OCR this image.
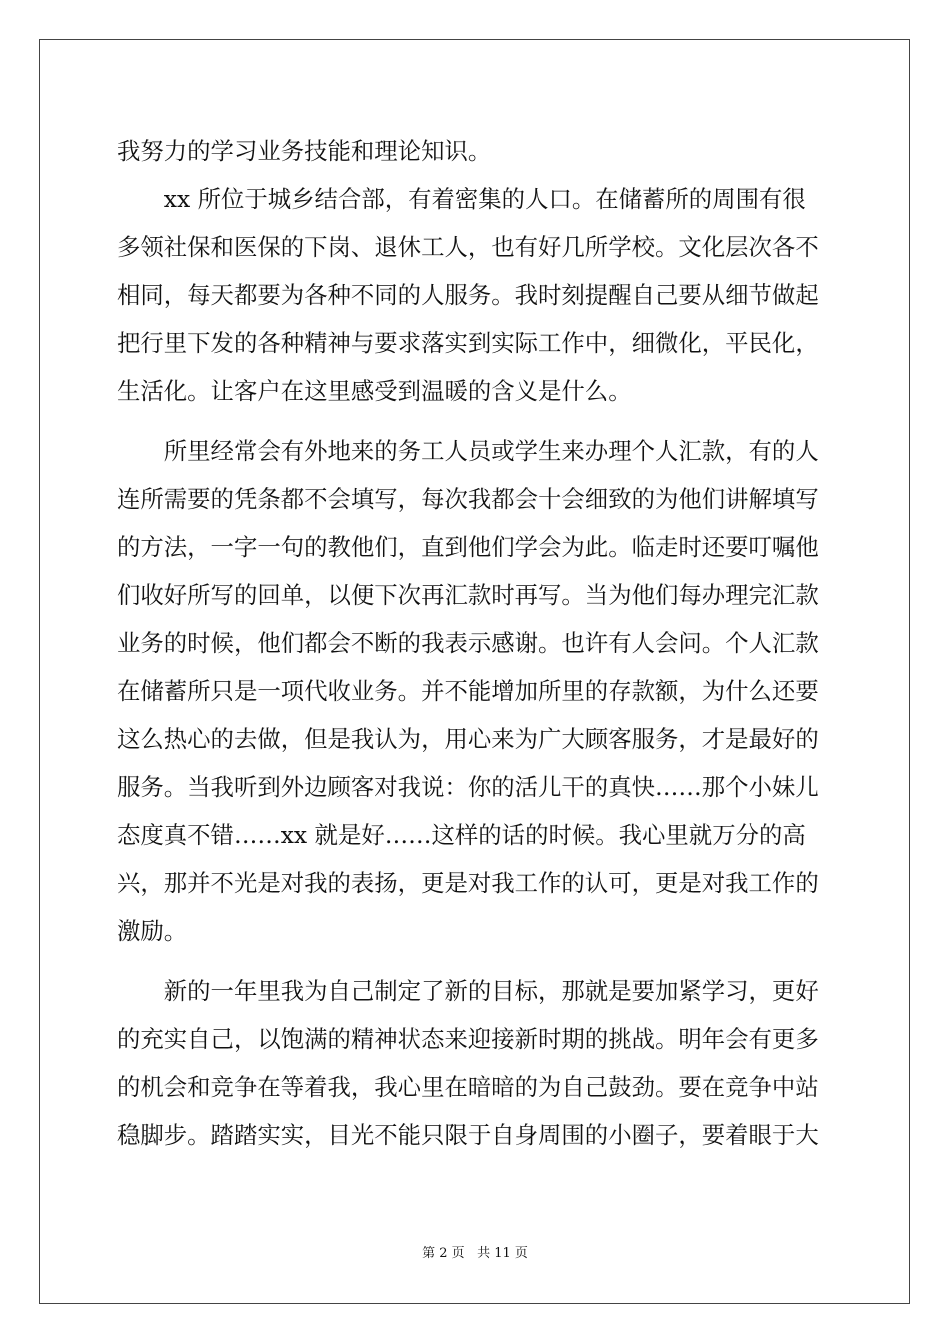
我努力的学习业务技能和理论知识。
　　xx 所位于城乡结合部，有着密集的人口。在储蓄所的周围有很
多领社保和医保的下岗、退休工人，也有好几所学校。文化层次各不
相同，每天都要为各种不同的人服务。我时刻提醒自己要从细节做起
把行里下发的各种精神与要求落实到实际工作中，细微化，平民化，
生活化。让客户在这里感受到温暖的含义是什么。
　　所里经常会有外地来的务工人员或学生来办理个人汇款，有的人
连所需要的凭条都不会填写，每次我都会十会细致的为他们讲解填写
的方法，一字一句的教他们，直到他们学会为此。临走时还要叮嘱他
们收好所写的回单，以便下次再汇款时再写。当为他们每办理完汇款
业务的时候，他们都会不断的我表示感谢。也许有人会问。个人汇款
在储蓄所只是一项代收业务。并不能增加所里的存款额，为什么还要
这么热心的去做，但是我认为，用心来为广大顾客服务，才是最好的
服务。当我听到外边顾客对我说：你的活儿干的真快……那个小妹儿
态度真不错……xx 就是好……这样的话的时候。我心里就万分的高
兴，那并不光是对我的表扬，更是对我工作的认可，更是对我工作的
激励。
　　新的一年里我为自己制定了新的目标，那就是要加紧学习，更好
的充实自己，以饱满的精神状态来迎接新时期的挑战。明年会有更多
的机会和竞争在等着我，我心里在暗暗的为自己鼓劲。要在竞争中站
稳脚步。踏踏实实，目光不能只限于自身周围的小圈子，要着眼于大
第 2 页 共 11 页
